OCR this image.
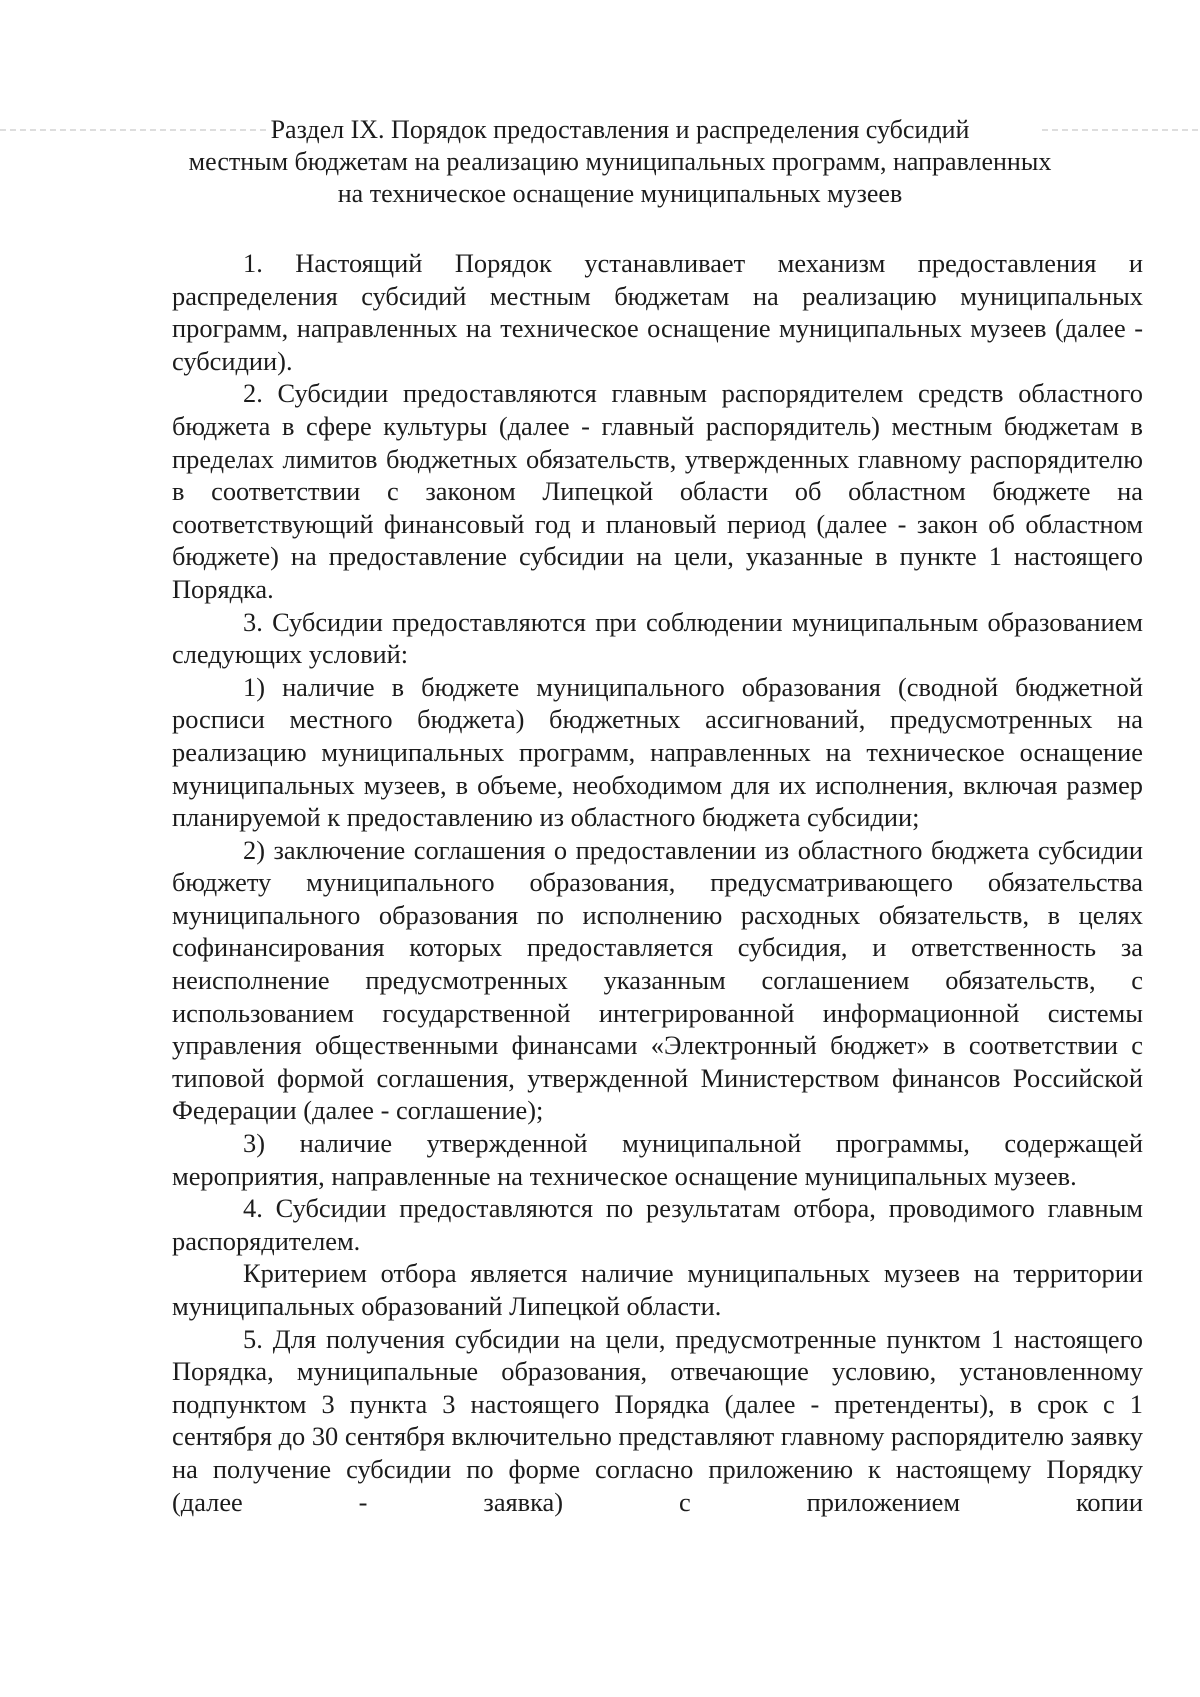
Раздел IX. Порядок предоставления и распределения субсидий
местным бюджетам на реализацию муниципальных программ, направленных
на техническое оснащение муниципальных музеев

1. Настоящий Порядок устанавливает механизм предоставления и распределения субсидий местным бюджетам на реализацию муниципальных программ, направленных на техническое оснащение муниципальных музеев (далее - субсидии).

2. Субсидии предоставляются главным распорядителем средств областного бюджета в сфере культуры (далее - главный распорядитель) местным бюджетам в пределах лимитов бюджетных обязательств, утвержденных главному распорядителю в соответствии с законом Липецкой области об областном бюджете на соответствующий финансовый год и плановый период (далее - закон об областном бюджете) на предоставление субсидии на цели, указанные в пункте 1 настоящего Порядка.

3. Субсидии предоставляются при соблюдении муниципальным образованием следующих условий:

1) наличие в бюджете муниципального образования (сводной бюджетной росписи местного бюджета) бюджетных ассигнований, предусмотренных на реализацию муниципальных программ, направленных на техническое оснащение муниципальных музеев, в объеме, необходимом для их исполнения, включая размер планируемой к предоставлению из областного бюджета субсидии;

2) заключение соглашения о предоставлении из областного бюджета субсидии бюджету муниципального образования, предусматривающего обязательства муниципального образования по исполнению расходных обязательств, в целях софинансирования которых предоставляется субсидия, и ответственность за неисполнение предусмотренных указанным соглашением обязательств, с использованием государственной интегрированной информационной системы управления общественными финансами «Электронный бюджет» в соответствии с типовой формой соглашения, утвержденной Министерством финансов Российской Федерации (далее - соглашение);

3) наличие утвержденной муниципальной программы, содержащей мероприятия, направленные на техническое оснащение муниципальных музеев.

4. Субсидии предоставляются по результатам отбора, проводимого главным распорядителем.

Критерием отбора является наличие муниципальных музеев на территории муниципальных образований Липецкой области.

5. Для получения субсидии на цели, предусмотренные пунктом 1 настоящего Порядка, муниципальные образования, отвечающие условию, установленному подпунктом 3 пункта 3 настоящего Порядка (далее - претенденты), в срок с 1 сентября до 30 сентября включительно представляют главному распорядителю заявку на получение субсидии по форме согласно приложению к настоящему Порядку (далее - заявка) с приложением копии
